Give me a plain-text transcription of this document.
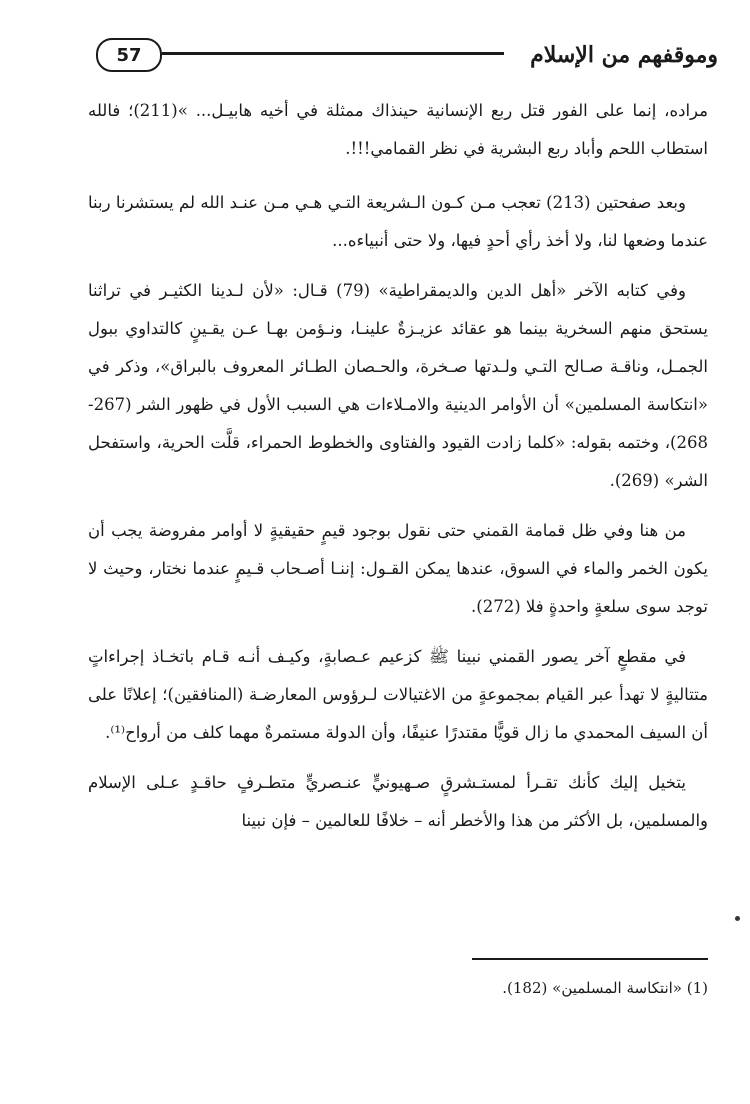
57	وموقفهم من الإسلام

مراده، إنما على الفور قتل ربع الإنسانية حينذاك ممثلة في أخيه هابيـل... »(211)؛ فالله استطاب اللحم وأباد ربع البشرية في نظر القمامي!!!.

وبعد صفحتين (213) تعجب مـن كـون الـشريعة التـي هـي مـن عنـد الله لم يستشرنا ربنا عندما وضعها لنا، ولا أخذ رأي أحدٍ فيها، ولا حتى أنبياءه...

وفي كتابه الآخر «أهل الدين والديمقراطية» (79) قـال: «لأن لـدينا الكثيـر في تراثنا يستحق منهم السخرية بينما هو عقائد عزيـزةٌ علينـا، ونـؤمن بهـا عـن يقـينٍ كالتداوي ببول الجمـل، وناقـة صـالح التـي ولـدتها صـخرة، والحـصان الطـائر المعروف بالبراق»، وذكر في «انتكاسة المسلمين» أن الأوامر الدينية والامـلاءات هي السبب الأول في ظهور الشر (267-268)، وختمه بقوله: «كلما زادت القيود والفتاوى والخطوط الحمراء، قلَّت الحرية، واستفحل الشر» (269).

من هنا وفي ظل قمامة القمني حتى نقول بوجود قيمٍ حقيقيةٍ لا أوامر مفروضة يجب أن يكون الخمر والماء في السوق، عندها يمكن القـول: إننـا أصـحاب قـيمٍ عندما نختار، وحيث لا توجد سوى سلعةٍ واحدةٍ فلا (272).

في مقطعٍ آخر يصور القمني نبينا ﷺ كزعيم عـصابةٍ، وكيـف أنـه قـام باتخـاذ إجراءاتٍ متتاليةٍ لا تهدأ عبر القيام بمجموعةٍ من الاغتيالات لـرؤوس المعارضـة (المنافقين)؛ إعلانًا على أن السيف المحمدي ما زال قويًّا مقتدرًا عنيفًا، وأن الدولة مستمرةٌ مهما كلف من أرواح⁽¹⁾.

يتخيل إليك كأنك تقـرأ لمستـشرقٍ صـهيونيٍّ عنـصريٍّ متطـرفٍ حاقـدٍ عـلى الإسلام والمسلمين، بل الأكثر من هذا والأخطر أنه – خلافًا للعالمين – فإن نبينا

(1) «انتكاسة المسلمين» (182).
